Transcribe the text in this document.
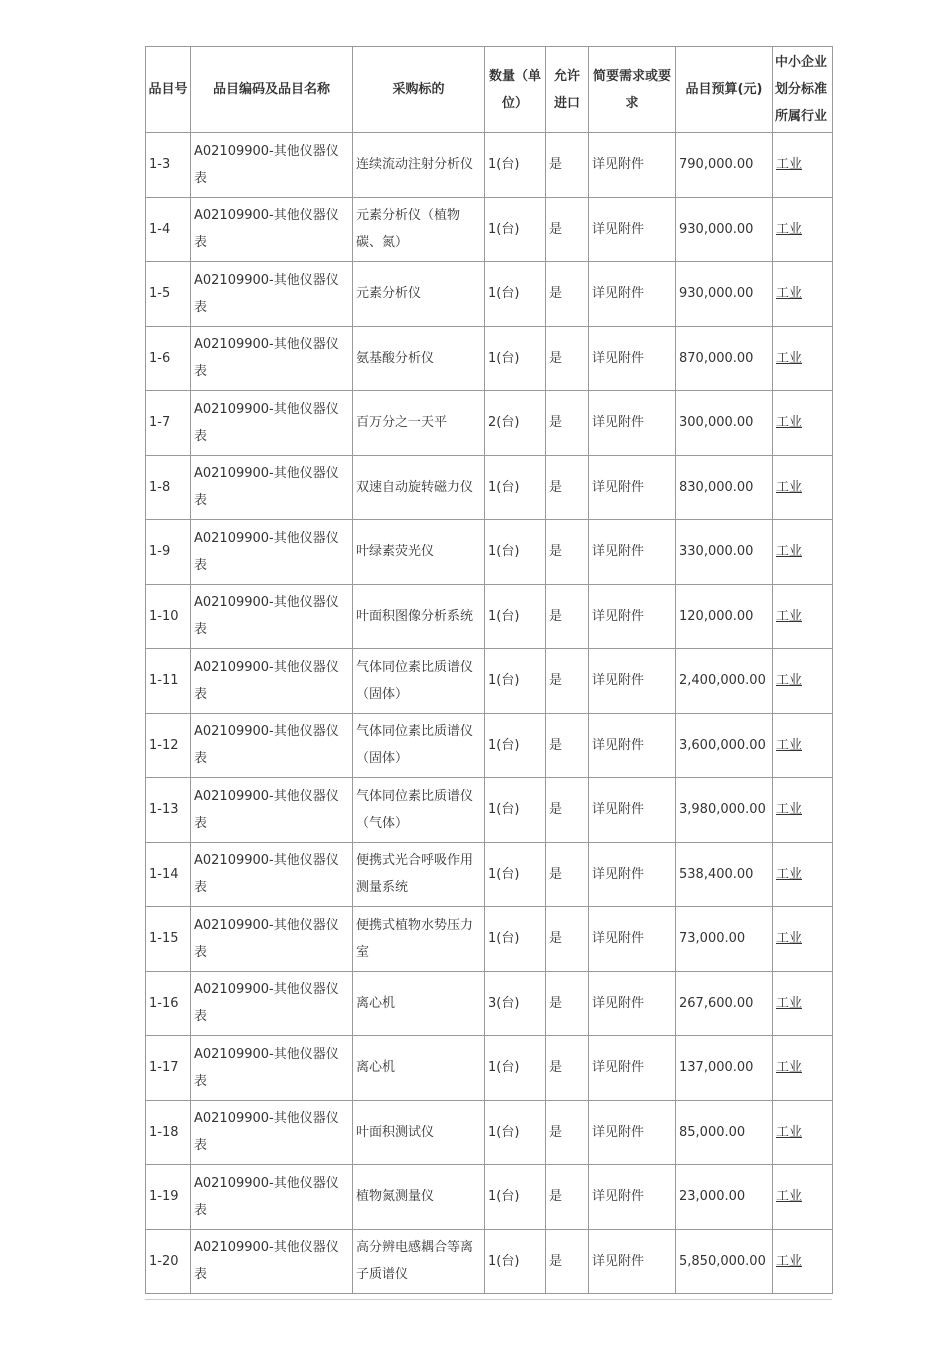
品目号	品目编码及品目名称	采购标的	数量（单位）	允许进口	简要需求或要求	品目预算(元)	中小企业划分标准所属行业
1-3	A02109900-其他仪器仪表	连续流动注射分析仪	1(台)	是	详见附件	790,000.00	工业
1-4	A02109900-其他仪器仪表	元素分析仪（植物碳、氮）	1(台)	是	详见附件	930,000.00	工业
1-5	A02109900-其他仪器仪表	元素分析仪	1(台)	是	详见附件	930,000.00	工业
1-6	A02109900-其他仪器仪表	氨基酸分析仪	1(台)	是	详见附件	870,000.00	工业
1-7	A02109900-其他仪器仪表	百万分之一天平	2(台)	是	详见附件	300,000.00	工业
1-8	A02109900-其他仪器仪表	双速自动旋转磁力仪	1(台)	是	详见附件	830,000.00	工业
1-9	A02109900-其他仪器仪表	叶绿素荧光仪	1(台)	是	详见附件	330,000.00	工业
1-10	A02109900-其他仪器仪表	叶面积图像分析系统	1(台)	是	详见附件	120,000.00	工业
1-11	A02109900-其他仪器仪表	气体同位素比质谱仪（固体）	1(台)	是	详见附件	2,400,000.00	工业
1-12	A02109900-其他仪器仪表	气体同位素比质谱仪（固体）	1(台)	是	详见附件	3,600,000.00	工业
1-13	A02109900-其他仪器仪表	气体同位素比质谱仪（气体）	1(台)	是	详见附件	3,980,000.00	工业
1-14	A02109900-其他仪器仪表	便携式光合呼吸作用测量系统	1(台)	是	详见附件	538,400.00	工业
1-15	A02109900-其他仪器仪表	便携式植物水势压力室	1(台)	是	详见附件	73,000.00	工业
1-16	A02109900-其他仪器仪表	离心机	3(台)	是	详见附件	267,600.00	工业
1-17	A02109900-其他仪器仪表	离心机	1(台)	是	详见附件	137,000.00	工业
1-18	A02109900-其他仪器仪表	叶面积测试仪	1(台)	是	详见附件	85,000.00	工业
1-19	A02109900-其他仪器仪表	植物氮测量仪	1(台)	是	详见附件	23,000.00	工业
1-20	A02109900-其他仪器仪表	高分辨电感耦合等离子质谱仪	1(台)	是	详见附件	5,850,000.00	工业
